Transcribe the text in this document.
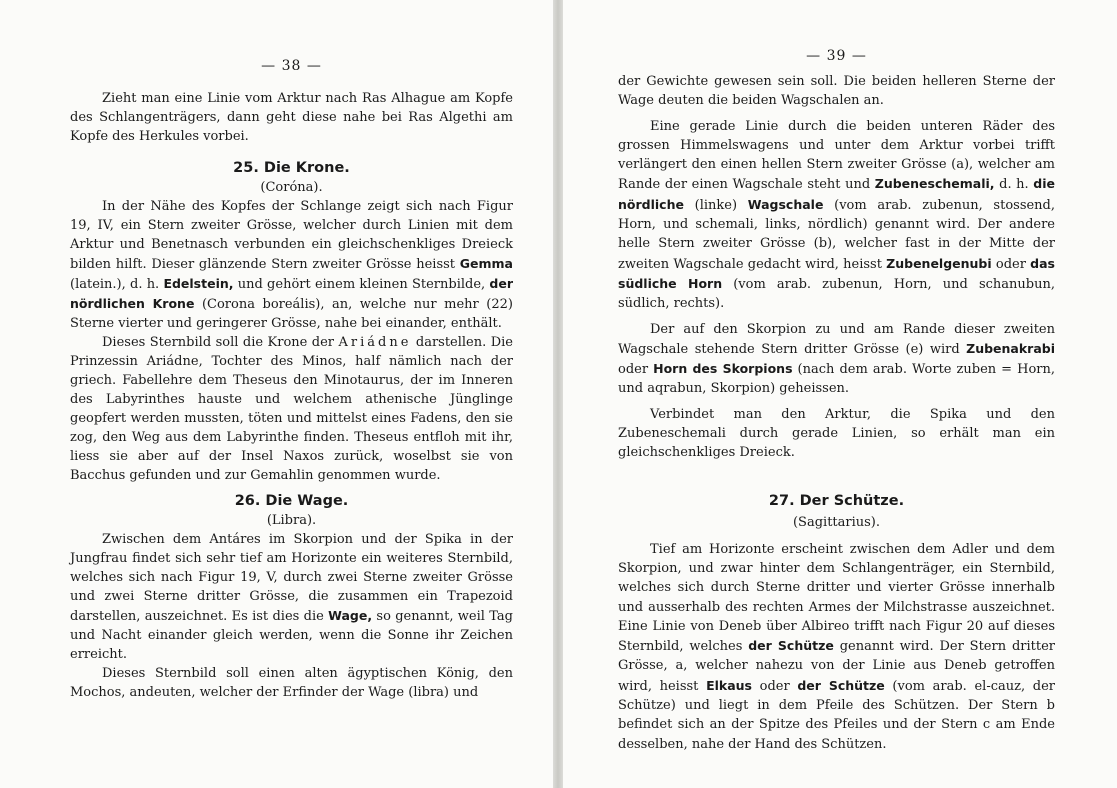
— 38 —

Zieht man eine Linie vom Arktur nach Ras Alhague am Kopfe des Schlangenträgers, dann geht diese nahe bei Ras Algethi am Kopfe des Herkules vorbei.

25. Die Krone.

(Coróna).

In der Nähe des Kopfes der Schlange zeigt sich nach Figur 19, IV, ein Stern zweiter Grösse, welcher durch Linien mit dem Arktur und Benetnasch verbunden ein gleichschenkliges Dreieck bilden hilft. Dieser glänzende Stern zweiter Grösse heisst Gemma (latein.), d. h. Edelstein, und gehört einem kleinen Sternbilde, der nördlichen Krone (Corona boreális), an, welche nur mehr (22) Sterne vierter und geringerer Grösse, nahe bei einander, enthält.

Dieses Sternbild soll die Krone der Ariádne darstellen. Die Prinzessin Ariádne, Tochter des Minos, half nämlich nach der griech. Fabellehre dem Theseus den Minotaurus, der im Inneren des Labyrinthes hauste und welchem athenische Jünglinge geopfert werden mussten, töten und mittelst eines Fadens, den sie zog, den Weg aus dem Labyrinthe finden. Theseus entfloh mit ihr, liess sie aber auf der Insel Naxos zurück, woselbst sie von Bacchus gefunden und zur Gemahlin genommen wurde.

26. Die Wage.

(Libra).

Zwischen dem Antáres im Skorpion und der Spika in der Jungfrau findet sich sehr tief am Horizonte ein weiteres Sternbild, welches sich nach Figur 19, V, durch zwei Sterne zweiter Grösse und zwei Sterne dritter Grösse, die zusammen ein Trapezoid darstellen, auszeichnet. Es ist dies die Wage, so genannt, weil Tag und Nacht einander gleich werden, wenn die Sonne ihr Zeichen erreicht.

Dieses Sternbild soll einen alten ägyptischen König, den Mochos, andeuten, welcher der Erfinder der Wage (libra) und

— 39 —

der Gewichte gewesen sein soll. Die beiden helleren Sterne der Wage deuten die beiden Wagschalen an.

Eine gerade Linie durch die beiden unteren Räder des grossen Himmelswagens und unter dem Arktur vorbei trifft verlängert den einen hellen Stern zweiter Grösse (a), welcher am Rande der einen Wagschale steht und Zubeneschemali, d. h. die nördliche (linke) Wagschale (vom arab. zubenun, stossend, Horn, und schemali, links, nördlich) genannt wird. Der andere helle Stern zweiter Grösse (b), welcher fast in der Mitte der zweiten Wagschale gedacht wird, heisst Zubenelgenubi oder das südliche Horn (vom arab. zubenun, Horn, und schanubun, südlich, rechts).

Der auf den Skorpion zu und am Rande dieser zweiten Wagschale stehende Stern dritter Grösse (e) wird Zubenakrabi oder Horn des Skorpions (nach dem arab. Worte zuben = Horn, und aqrabun, Skorpion) geheissen.

Verbindet man den Arktur, die Spika und den Zubeneschemali durch gerade Linien, so erhält man ein gleichschenkliges Dreieck.

27. Der Schütze.

(Sagittarius).

Tief am Horizonte erscheint zwischen dem Adler und dem Skorpion, und zwar hinter dem Schlangenträger, ein Sternbild, welches sich durch Sterne dritter und vierter Grösse innerhalb und ausserhalb des rechten Armes der Milchstrasse auszeichnet. Eine Linie von Deneb über Albireo trifft nach Figur 20 auf dieses Sternbild, welches der Schütze genannt wird. Der Stern dritter Grösse, a, welcher nahezu von der Linie aus Deneb getroffen wird, heisst Elkaus oder der Schütze (vom arab. el-cauz, der Schütze) und liegt in dem Pfeile des Schützen. Der Stern b befindet sich an der Spitze des Pfeiles und der Stern c am Ende desselben, nahe der Hand des Schützen.
